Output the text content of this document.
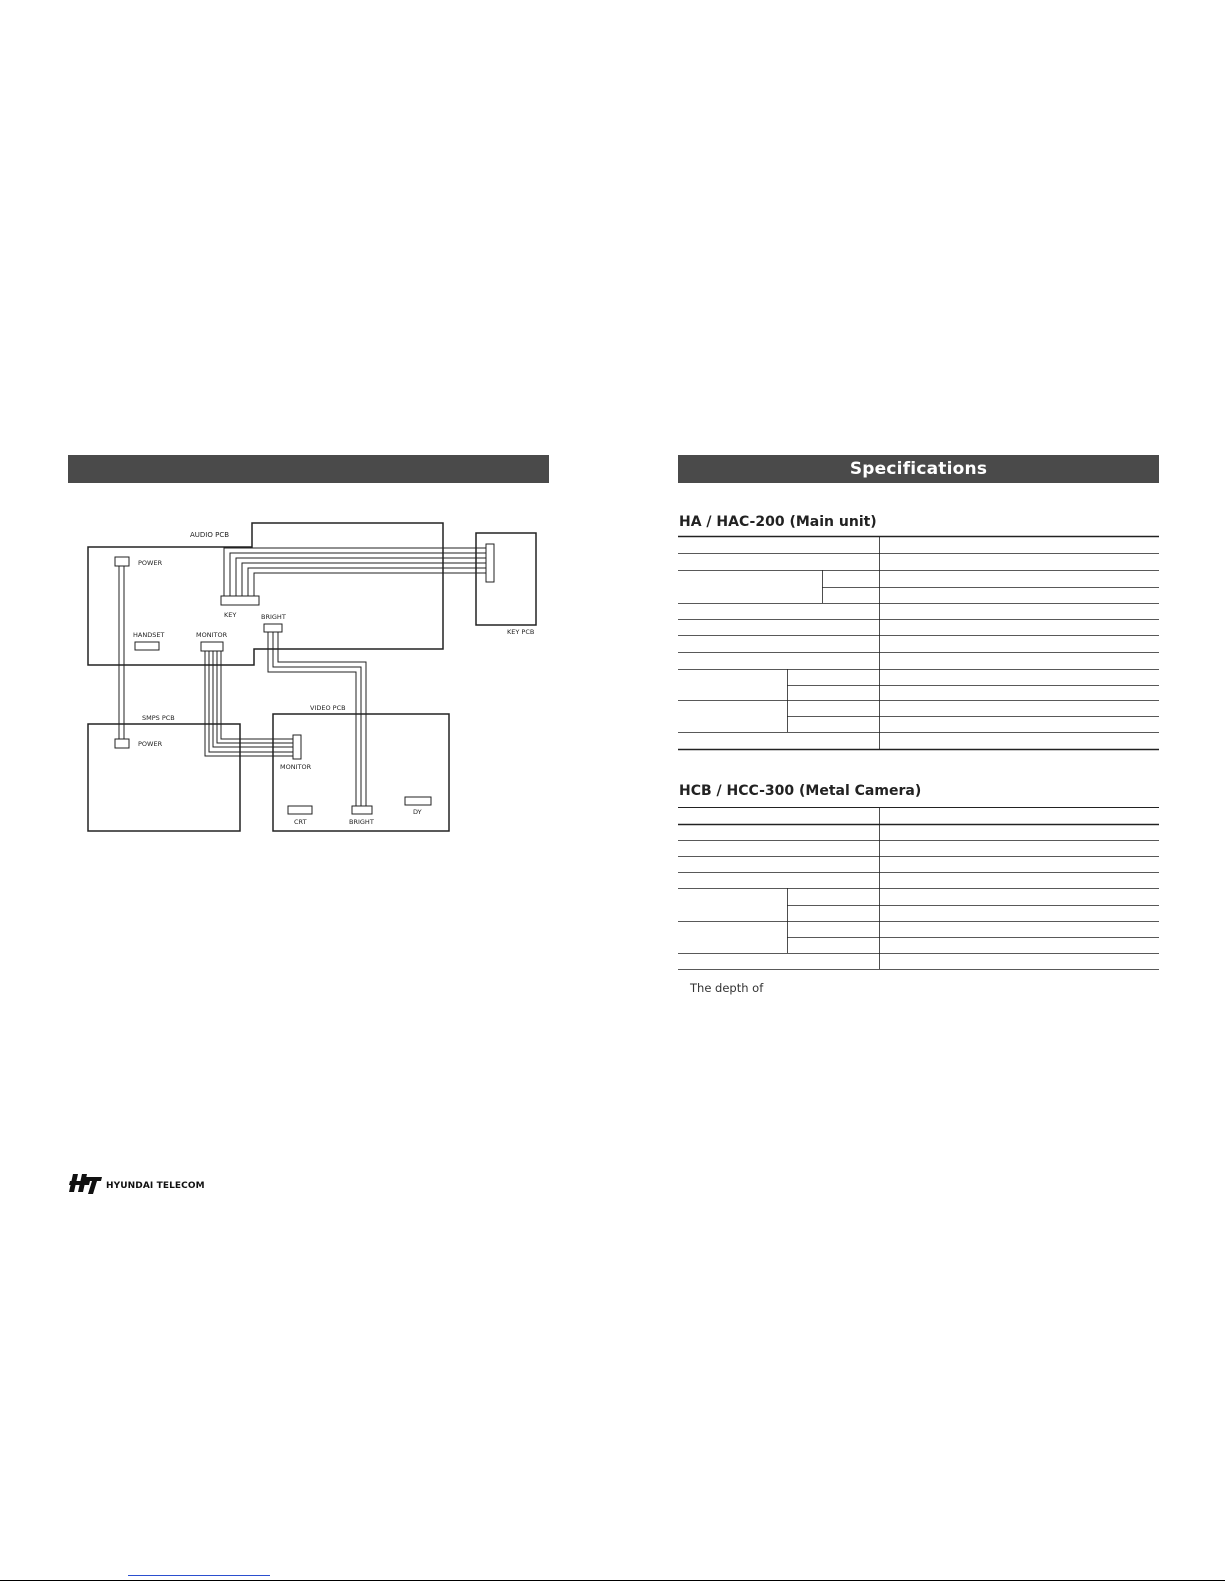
AUDIO PCB
KEY PCB
SMPS PCB
VIDEO PCB
POWER
POWER
HANDSET	MONITOR
BRIGHT
KEY
MONITOR
CRT	BRIGHT
DY
Specifications
HA / HAC-200 (Main unit)
HCB / HCC-300 (Metal Camera)
The depth of
HYUNDAI TELECOM
